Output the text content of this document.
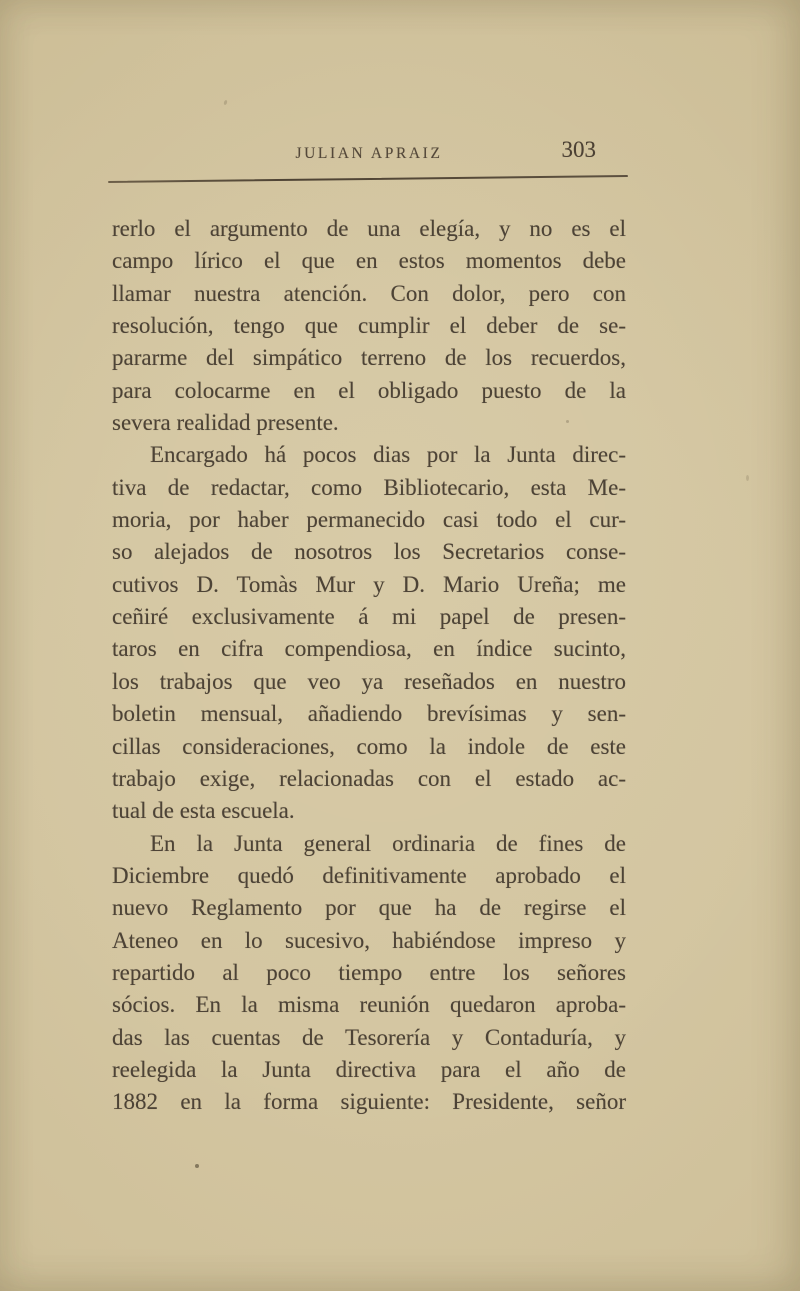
JULIAN APRAIZ	303
rerlo el argumento de una elegía, y no es el
campo lírico el que en estos momentos debe
llamar nuestra atención. Con dolor, pero con
resolución, tengo que cumplir el deber de se-
pararme del simpático terreno de los recuerdos,
para colocarme en el obligado puesto de la
severa realidad presente.
Encargado há pocos dias por la Junta direc-
tiva de redactar, como Bibliotecario, esta Me-
moria, por haber permanecido casi todo el cur-
so alejados de nosotros los Secretarios conse-
cutivos D. Tomàs Mur y D. Mario Ureña; me
ceñiré exclusivamente á mi papel de presen-
taros en cifra compendiosa, en índice sucinto,
los trabajos que veo ya reseñados en nuestro
boletin mensual, añadiendo brevísimas y sen-
cillas consideraciones, como la indole de este
trabajo exige, relacionadas con el estado ac-
tual de esta escuela.
En la Junta general ordinaria de fines de
Diciembre quedó definitivamente aprobado el
nuevo Reglamento por que ha de regirse el
Ateneo en lo sucesivo, habiéndose impreso y
repartido al poco tiempo entre los señores
sócios. En la misma reunión quedaron aproba-
das las cuentas de Tesorería y Contaduría, y
reelegida la Junta directiva para el año de
1882 en la forma siguiente: Presidente, señor
